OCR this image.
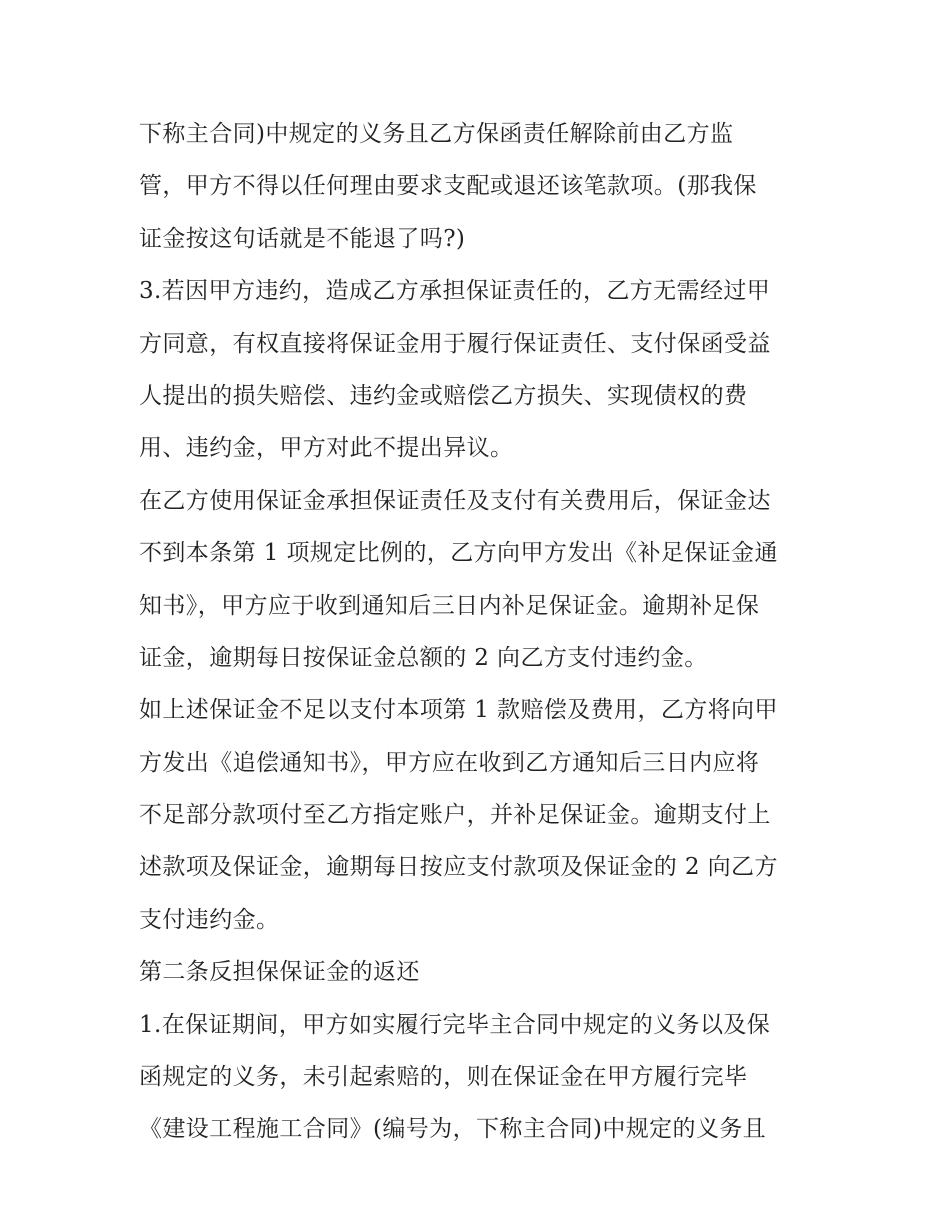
下称主合同)中规定的义务且乙方保函责任解除前由乙方监
管，甲方不得以任何理由要求支配或退还该笔款项。(那我保
证金按这句话就是不能退了吗?)
3.若因甲方违约，造成乙方承担保证责任的，乙方无需经过甲
方同意，有权直接将保证金用于履行保证责任、支付保函受益
人提出的损失赔偿、违约金或赔偿乙方损失、实现债权的费
用、违约金，甲方对此不提出异议。
在乙方使用保证金承担保证责任及支付有关费用后，保证金达
不到本条第 1 项规定比例的，乙方向甲方发出《补足保证金通
知书》，甲方应于收到通知后三日内补足保证金。逾期补足保
证金，逾期每日按保证金总额的 2 向乙方支付违约金。
如上述保证金不足以支付本项第 1 款赔偿及费用，乙方将向甲
方发出《追偿通知书》，甲方应在收到乙方通知后三日内应将
不足部分款项付至乙方指定账户，并补足保证金。逾期支付上
述款项及保证金，逾期每日按应支付款项及保证金的 2 向乙方
支付违约金。
第二条反担保保证金的返还
1.在保证期间，甲方如实履行完毕主合同中规定的义务以及保
函规定的义务，未引起索赔的，则在保证金在甲方履行完毕
《建设工程施工合同》(编号为，下称主合同)中规定的义务且
